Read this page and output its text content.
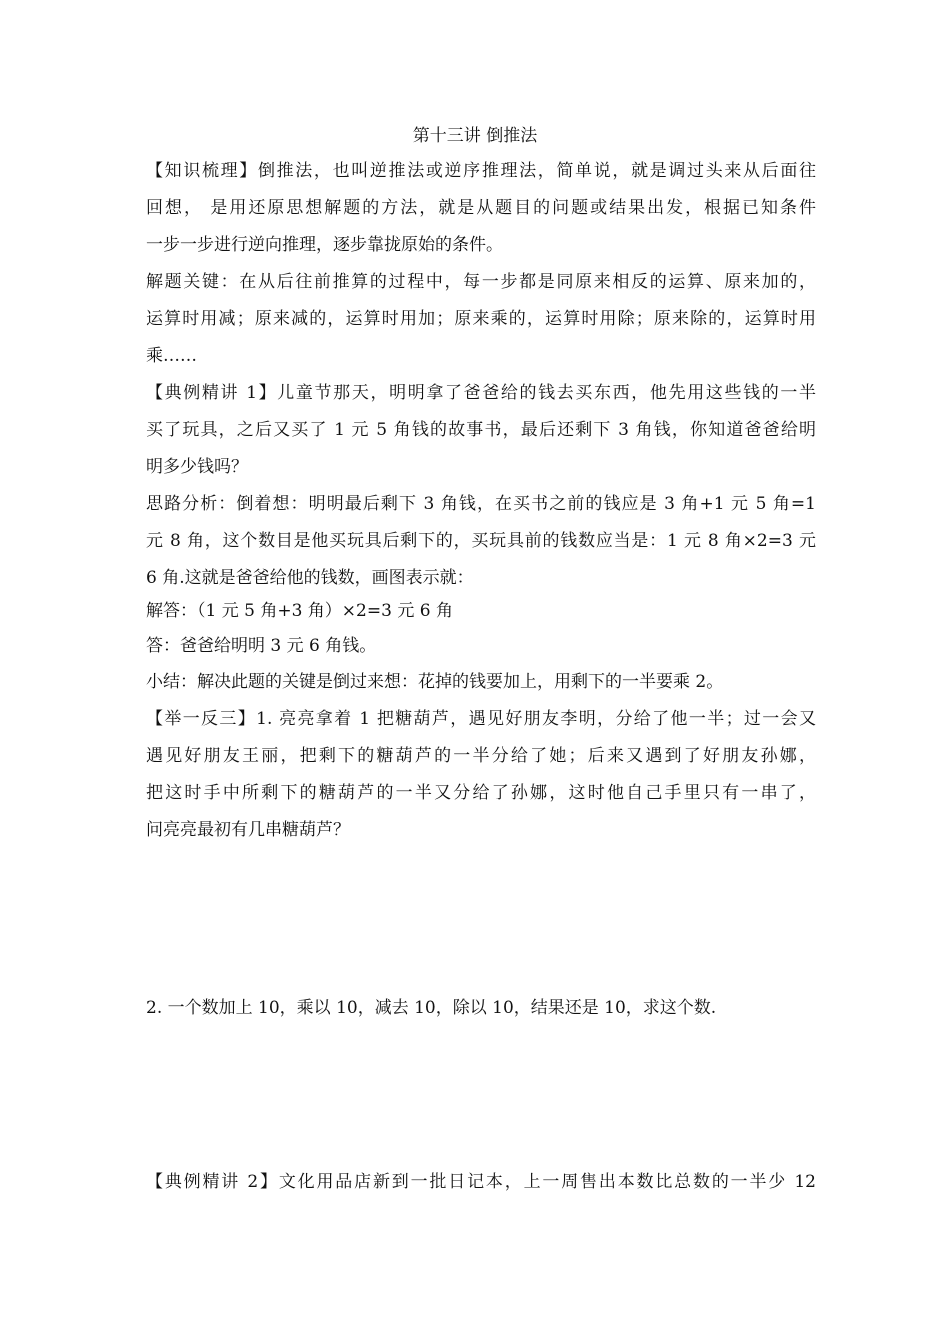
第十三讲 倒推法
【知识梳理】倒推法，也叫逆推法或逆序推理法，简单说，就是调过头来从后面往
回想， 是用还原思想解题的方法，就是从题目的问题或结果出发，根据已知条件
一步一步进行逆向推理，逐步靠拢原始的条件。
解题关键：在从后往前推算的过程中，每一步都是同原来相反的运算、原来加的，
运算时用减；原来减的，运算时用加；原来乘的，运算时用除；原来除的，运算时用
乘……
【典例精讲 1】儿童节那天，明明拿了爸爸给的钱去买东西，他先用这些钱的一半
买了玩具，之后又买了 1 元 5 角钱的故事书，最后还剩下 3 角钱，你知道爸爸给明
明多少钱吗？
思路分析：倒着想：明明最后剩下 3 角钱，在买书之前的钱应是 3 角+1 元 5 角=1
元 8 角，这个数目是他买玩具后剩下的，买玩具前的钱数应当是：1 元 8 角×2=3 元
6 角.这就是爸爸给他的钱数，画图表示就：
解答：（1 元 5 角+3 角）×2=3 元 6 角
答：爸爸给明明 3 元 6 角钱。
小结：解决此题的关键是倒过来想：花掉的钱要加上，用剩下的一半要乘 2。
【举一反三】1. 亮亮拿着 1 把糖葫芦，遇见好朋友李明，分给了他一半；过一会又
遇见好朋友王丽，把剩下的糖葫芦的一半分给了她；后来又遇到了好朋友孙娜，
把这时手中所剩下的糖葫芦的一半又分给了孙娜，这时他自己手里只有一串了，
问亮亮最初有几串糖葫芦？
2. 一个数加上 10，乘以 10，减去 10，除以 10，结果还是 10，求这个数.
【典例精讲 2】文化用品店新到一批日记本，上一周售出本数比总数的一半少 12
